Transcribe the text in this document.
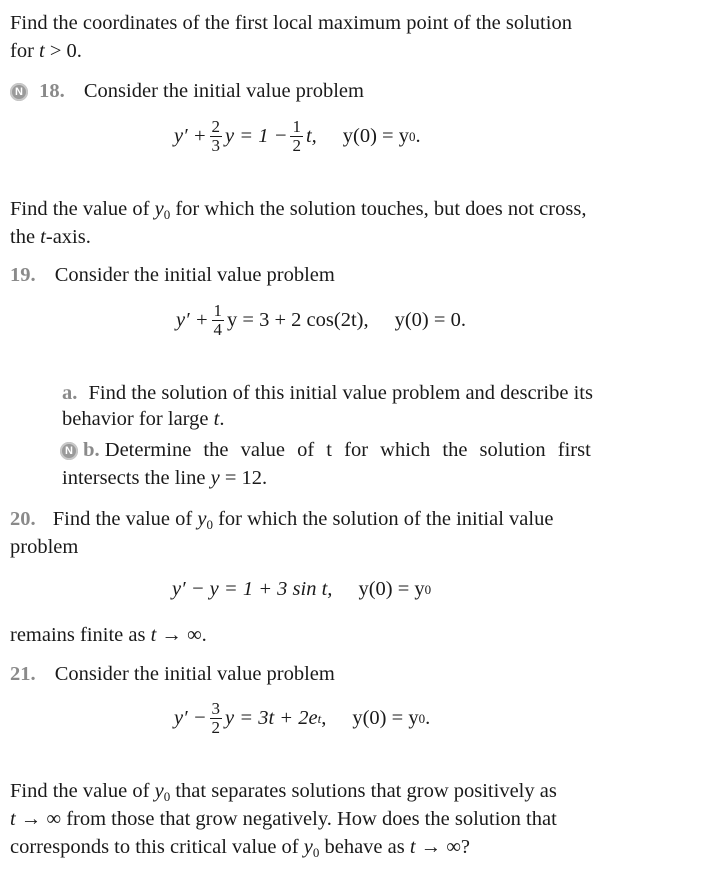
Find the coordinates of the first local maximum point of the solution
for t > 0.
N 18. Consider the initial value problem
$y' + \frac{2}{3}$ $y = 1 - \frac{1}{2} t$, y(0) = y 0 .
Find the value of $y_0$ for which the solution touches, but does not cross,
the t-axis.
19. Consider the initial value problem
$y' + \frac{1}{4}$ y = 3 + 2 cos(2t), y(0) = 0.
a. Find the solution of this initial value problem and describe its
behavior for large t.
N b. Determine the value of t for which the solution first
intersects the line y = 12.
20. Find the value of $y_0$ for which the solution of the initial value
problem
y′ − y = 1 + 3 sin t, y(0) = y 0
remains finite as t → ∞.
21. Consider the initial value problem
$y' - \frac{3}{2}$ y = 3t + 2e t , y(0) = y 0 .
Find the value of $y_0$ that separates solutions that grow positively as
t → ∞ from those that grow negatively. How does the solution that
corresponds to this critical value of $y_0$ behave as t → ∞?
